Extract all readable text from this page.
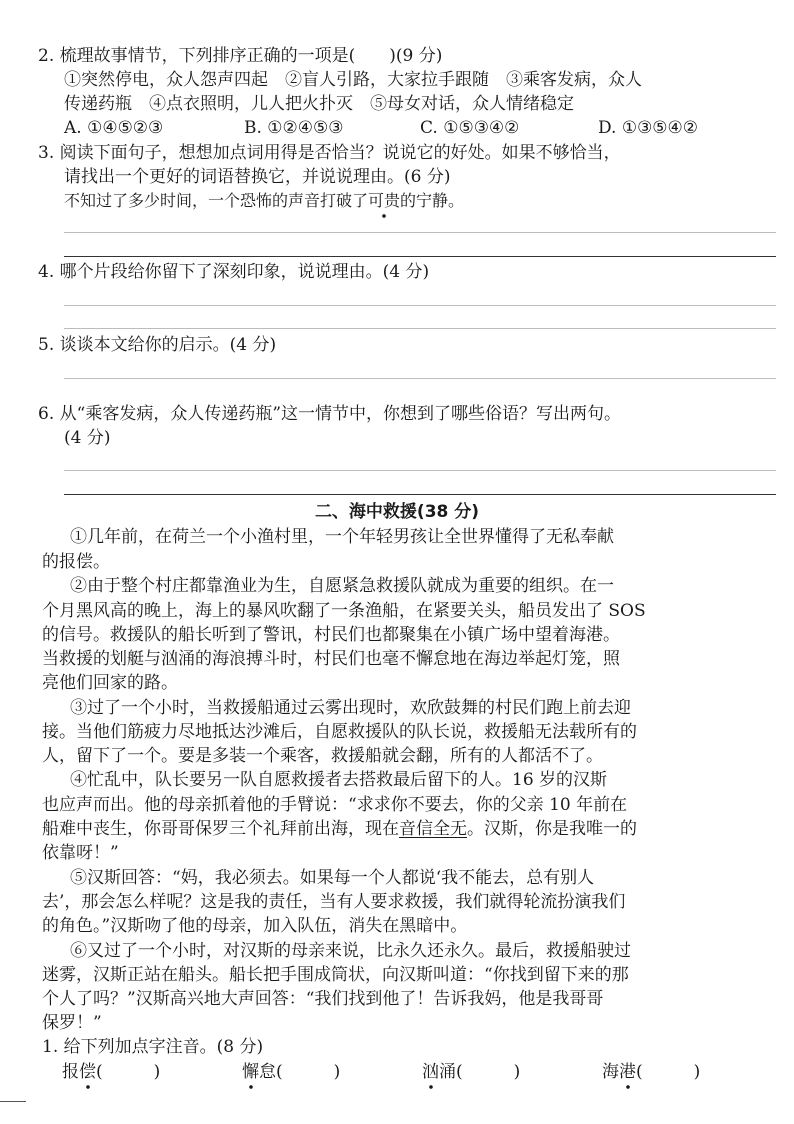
2. 梳理故事情节，下列排序正确的一项是(　　)(9 分)
①突然停电，众人怨声四起　②盲人引路，大家拉手跟随　③乘客发病，众人
传递药瓶　④点衣照明，儿人把火扑灭　⑤母女对话，众人情绪稳定
A. ①④⑤②③	B. ①②④⑤③	C. ①⑤③④②	D. ①③⑤④②
3. 阅读下面句子，想想加点词用得是否恰当？说说它的好处。如果不够恰当，
请找出一个更好的词语替换它，并说说理由。(6 分)
不知过了多少时间，一个恐怖的声音打破了可贵的宁静。
4. 哪个片段给你留下了深刻印象，说说理由。(4 分)
5. 谈谈本文给你的启示。(4 分)
6. 从“乘客发病，众人传递药瓶”这一情节中，你想到了哪些俗语？写出两句。
(4 分)
二、海中救援(38 分)
①几年前，在荷兰一个小渔村里，一个年轻男孩让全世界懂得了无私奉献
的报偿。
②由于整个村庄都靠渔业为生，自愿紧急救援队就成为重要的组织。在一
个月黑风高的晚上，海上的暴风吹翻了一条渔船，在紧要关头，船员发出了 SOS
的信号。救援队的船长听到了警讯，村民们也都聚集在小镇广场中望着海港。
当救援的划艇与汹涌的海浪搏斗时，村民们也毫不懈怠地在海边举起灯笼，照
亮他们回家的路。
③过了一个小时，当救援船通过云雾出现时，欢欣鼓舞的村民们跑上前去迎
接。当他们筋疲力尽地抵达沙滩后，自愿救援队的队长说，救援船无法载所有的
人，留下了一个。要是多装一个乘客，救援船就会翻，所有的人都活不了。
④忙乱中，队长要另一队自愿救援者去搭救最后留下的人。16 岁的汉斯
也应声而出。他的母亲抓着他的手臂说：“求求你不要去，你的父亲 10 年前在
船难中丧生，你哥哥保罗三个礼拜前出海，现在音信全无。汉斯，你是我唯一的
依靠呀！”
⑤汉斯回答：“妈，我必须去。如果每一个人都说‘我不能去，总有别人
去’，那会怎么样呢？这是我的责任，当有人要求救援，我们就得轮流扮演我们
的角色。”汉斯吻了他的母亲，加入队伍，消失在黑暗中。
⑥又过了一个小时，对汉斯的母亲来说，比永久还永久。最后，救援船驶过
迷雾，汉斯正站在船头。船长把手围成筒状，向汉斯叫道：“你找到留下来的那
个人了吗？”汉斯高兴地大声回答：“我们找到他了！告诉我妈，他是我哥哥
保罗！”
1. 给下列加点字注音。(8 分)
报偿(　　　)	懈怠(　　　)	汹涌(　　　)	海港(　　　)
